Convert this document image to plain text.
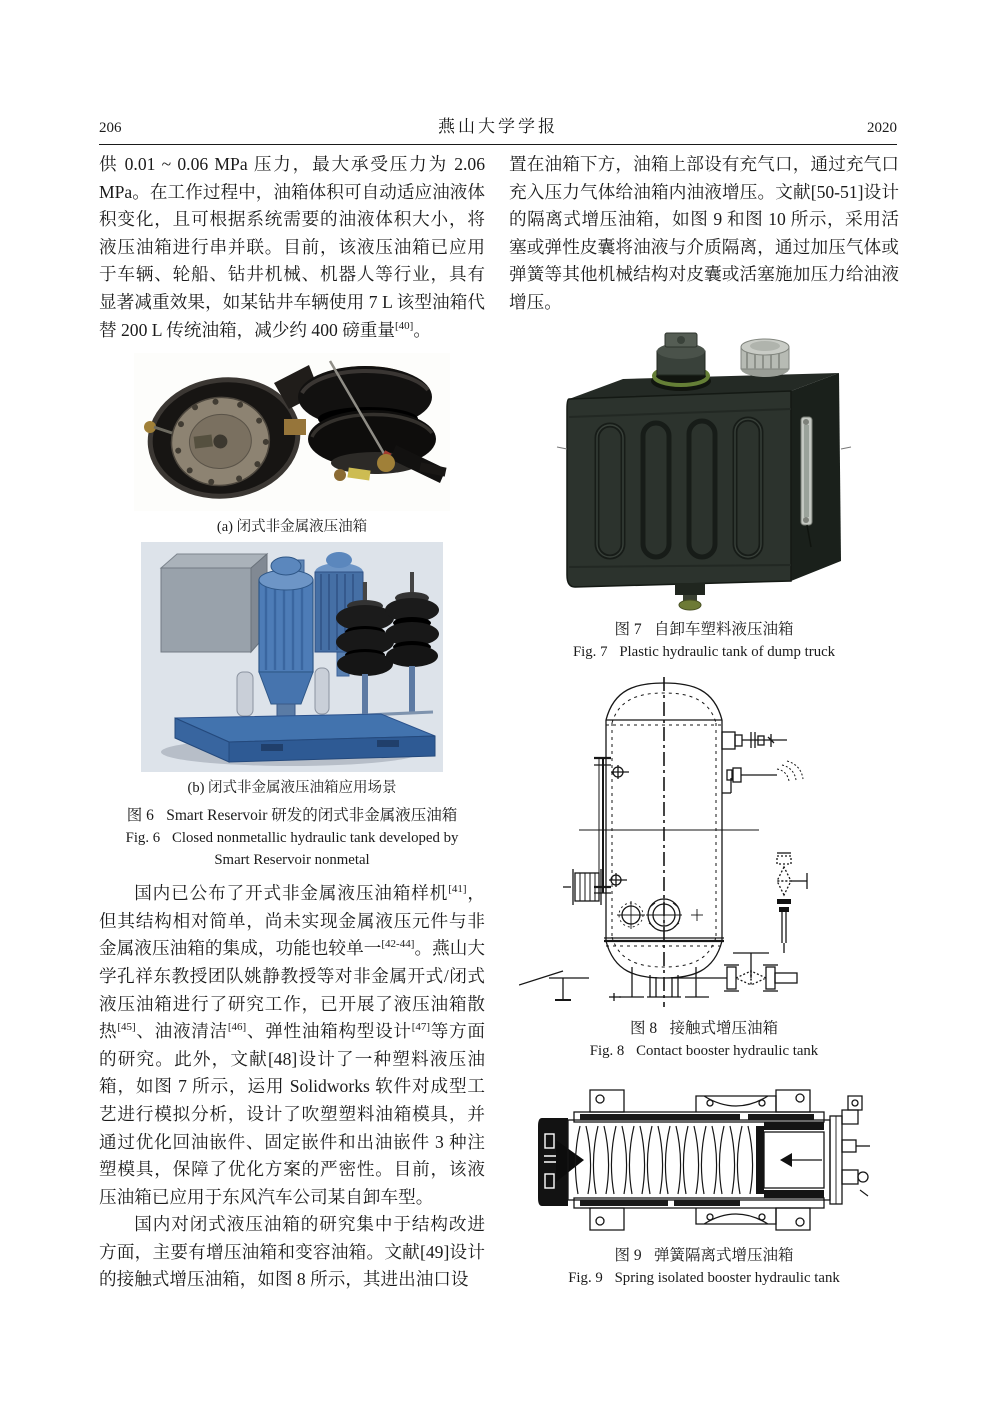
206	燕山大学学报	2020

供 0.01 ~ 0.06 MPa 压力，最大承受压力为 2.06 MPa。在工作过程中，油箱体积可自动适应油液体积变化，且可根据系统需要的油液体积大小，将液压油箱进行串并联。目前，该液压油箱已应用于车辆、轮船、钻井机械、机器人等行业，具有显著减重效果，如某钻井车辆使用 7 L 该型油箱代替 200 L 传统油箱，减少约 400 磅重量[40]。

(a) 闭式非金属液压油箱
(b) 闭式非金属液压油箱应用场景
图 6 Smart Reservoir 研发的闭式非金属液压油箱
Fig. 6 Closed nonmetallic hydraulic tank developed by
Smart Reservoir nonmetal

国内已公布了开式非金属液压油箱样机[41]，但其结构相对简单，尚未实现金属液压元件与非金属液压油箱的集成，功能也较单一[42-44]。燕山大学孔祥东教授团队姚静教授等对非金属开式/闭式液压油箱进行了研究工作，已开展了液压油箱散热[45]、油液清洁[46]、弹性油箱构型设计[47]等方面的研究。此外，文献[48]设计了一种塑料液压油箱，如图 7 所示，运用 Solidworks 软件对成型工艺进行模拟分析，设计了吹塑塑料油箱模具，并通过优化回油嵌件、固定嵌件和出油嵌件 3 种注塑模具，保障了优化方案的严密性。目前，该液压油箱已应用于东风汽车公司某自卸车型。

国内对闭式液压油箱的研究集中于结构改进方面，主要有增压油箱和变容油箱。文献[49]设计的接触式增压油箱，如图 8 所示，其进出油口设

置在油箱下方，油箱上部设有充气口，通过充气口充入压力气体给油箱内油液增压。文献[50-51]设计的隔离式增压油箱，如图 9 和图 10 所示，采用活塞或弹性皮囊将油液与介质隔离，通过加压气体或弹簧等其他机械结构对皮囊或活塞施加压力给油液增压。

图 7 自卸车塑料液压油箱
Fig. 7 Plastic hydraulic tank of dump truck
图 8 接触式增压油箱
Fig. 8 Contact booster hydraulic tank
图 9 弹簧隔离式增压油箱
Fig. 9 Spring isolated booster hydraulic tank
